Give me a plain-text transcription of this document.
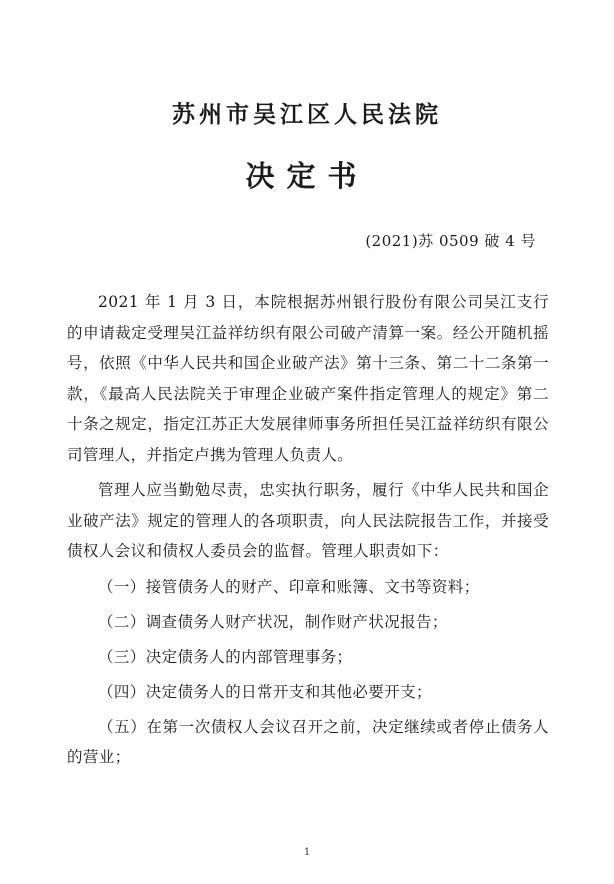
苏州市吴江区人民法院
决定书
(2021)苏 0509 破 4 号

2021 年 1 月 3 日，本院根据苏州银行股份有限公司吴江支行的申请裁定受理吴江益祥纺织有限公司破产清算一案。经公开随机摇号，依照《中华人民共和国企业破产法》第十三条、第二十二条第一款，《最高人民法院关于审理企业破产案件指定管理人的规定》第二十条之规定，指定江苏正大发展律师事务所担任吴江益祥纺织有限公司管理人，并指定卢携为管理人负责人。

管理人应当勤勉尽责，忠实执行职务，履行《中华人民共和国企业破产法》规定的管理人的各项职责，向人民法院报告工作，并接受债权人会议和债权人委员会的监督。管理人职责如下：

（一）接管债务人的财产、印章和账簿、文书等资料；
（二）调查债务人财产状况，制作财产状况报告；
（三）决定债务人的内部管理事务；
（四）决定债务人的日常开支和其他必要开支；
（五）在第一次债权人会议召开之前，决定继续或者停止债务人的营业；
1
